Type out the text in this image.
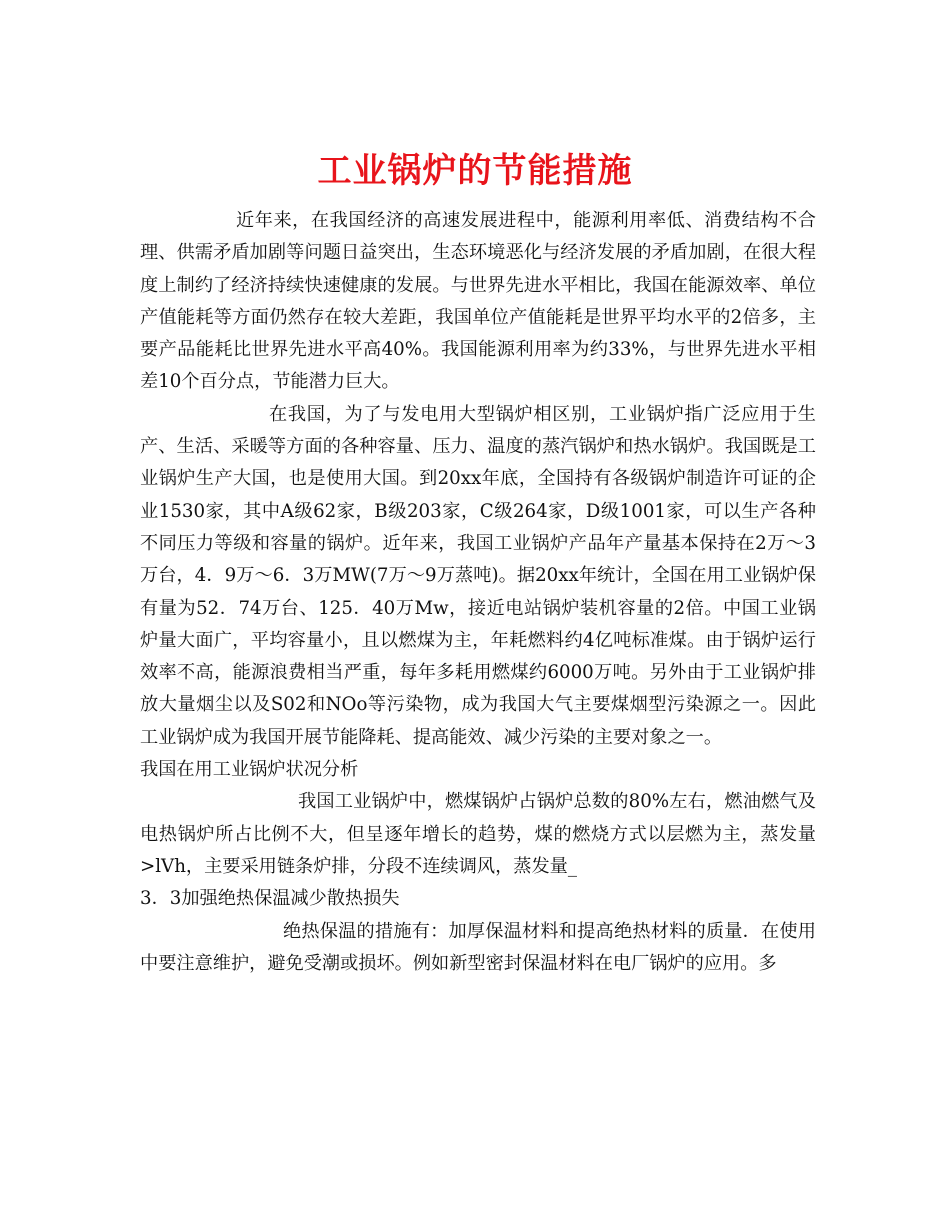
工业锅炉的节能措施

近年来，在我国经济的高速发展进程中，能源利用率低、消费结构不合理、供需矛盾加剧等问题日益突出，生态环境恶化与经济发展的矛盾加剧，在很大程度上制约了经济持续快速健康的发展。与世界先进水平相比，我国在能源效率、单位产值能耗等方面仍然存在较大差距，我国单位产值能耗是世界平均水平的2倍多，主要产品能耗比世界先进水平高40%。我国能源利用率为约33%，与世界先进水平相差10个百分点，节能潜力巨大。

在我国，为了与发电用大型锅炉相区别，工业锅炉指广泛应用于生产、生活、采暖等方面的各种容量、压力、温度的蒸汽锅炉和热水锅炉。我国既是工业锅炉生产大国，也是使用大国。到20xx年底，全国持有各级锅炉制造许可证的企业1530家，其中A级62家，B级203家，C级264家，D级1001家，可以生产各种不同压力等级和容量的锅炉。近年来，我国工业锅炉产品年产量基本保持在2万～3万台，4．9万～6．3万MW(7万～9万蒸吨)。据20xx年统计，全国在用工业锅炉保有量为52．74万台、125．40万Mw，接近电站锅炉装机容量的2倍。中国工业锅炉量大面广，平均容量小，且以燃煤为主，年耗燃料约4亿吨标准煤。由于锅炉运行效率不高，能源浪费相当严重，每年多耗用燃煤约6000万吨。另外由于工业锅炉排放大量烟尘以及S02和NOo等污染物，成为我国大气主要煤烟型污染源之一。因此工业锅炉成为我国开展节能降耗、提高能效、减少污染的主要对象之一。

我国在用工业锅炉状况分析

我国工业锅炉中，燃煤锅炉占锅炉总数的80%左右，燃油燃气及电热锅炉所占比例不大，但呈逐年增长的趋势，煤的燃烧方式以层燃为主，蒸发量>lVh，主要采用链条炉排，分段不连续调风，蒸发量_

3．3加强绝热保温减少散热损失

绝热保温的措施有：加厚保温材料和提高绝热材料的质量．在使用中要注意维护，避免受潮或损坏。例如新型密封保温材料在电厂锅炉的应用。多
